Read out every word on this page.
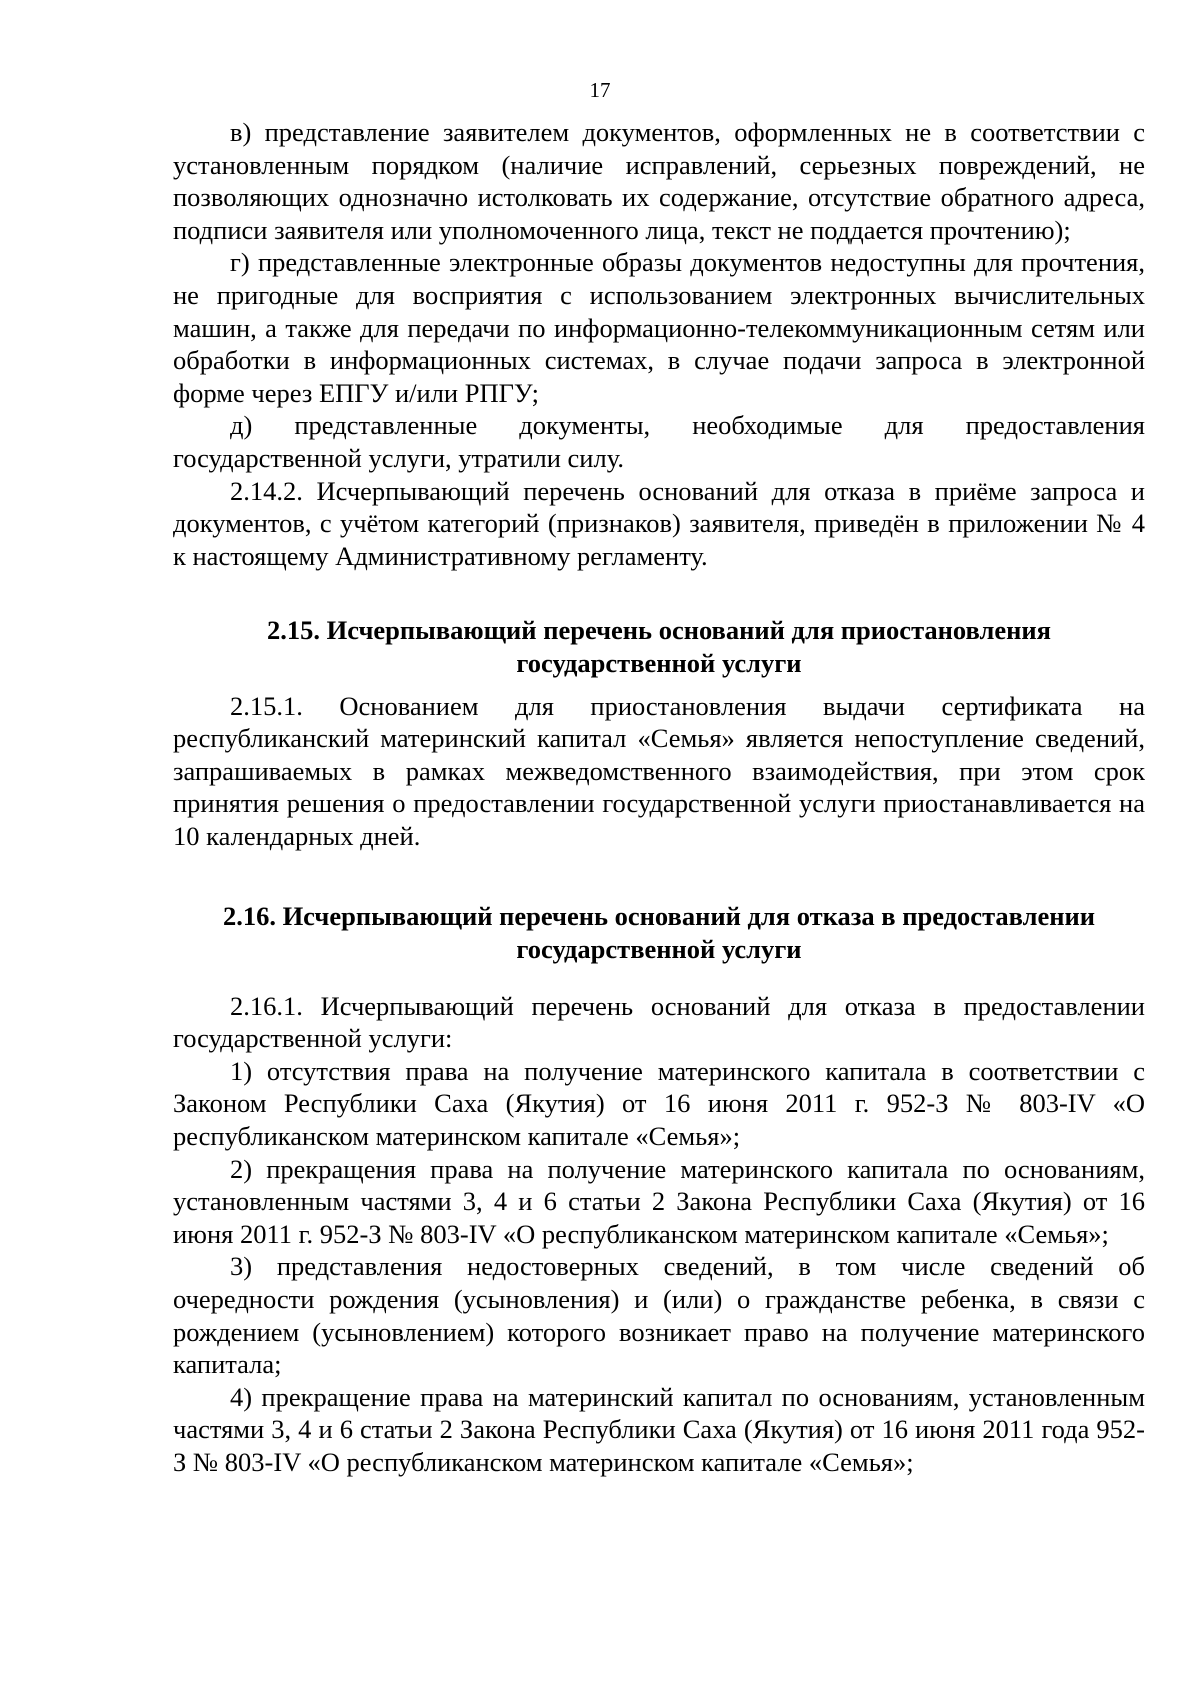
17

в) представление заявителем документов, оформленных не в соответствии с установленным порядком (наличие исправлений, серьезных повреждений, не позволяющих однозначно истолковать их содержание, отсутствие обратного адреса, подписи заявителя или уполномоченного лица, текст не поддается прочтению);

г) представленные электронные образы документов недоступны для прочтения, не пригодные для восприятия с использованием электронных вычислительных машин, а также для передачи по информационно-телекоммуникационным сетям или обработки в информационных системах, в случае подачи запроса в электронной форме через ЕПГУ и/или РПГУ;

д) представленные документы, необходимые для предоставления государственной услуги, утратили силу.

2.14.2. Исчерпывающий перечень оснований для отказа в приёме запроса и документов, с учётом категорий (признаков) заявителя, приведён в приложении № 4 к настоящему Административному регламенту.

2.15. Исчерпывающий перечень оснований для приостановления
государственной услуги

2.15.1. Основанием для приостановления выдачи сертификата на республиканский материнский капитал «Семья» является непоступление сведений, запрашиваемых в рамках межведомственного взаимодействия, при этом срок принятия решения о предоставлении государственной услуги приостанавливается на 10 календарных дней.

2.16. Исчерпывающий перечень оснований для отказа в предоставлении
государственной услуги

2.16.1. Исчерпывающий перечень оснований для отказа в предоставлении государственной услуги:

1) отсутствия права на получение материнского капитала в соответствии с Законом Республики Саха (Якутия) от 16 июня 2011 г. 952-З № 803-IV «О республиканском материнском капитале «Семья»;

2) прекращения права на получение материнского капитала по основаниям, установленным частями 3, 4 и 6 статьи 2 Закона Республики Саха (Якутия) от 16 июня 2011 г. 952-З № 803-IV «О республиканском материнском капитале «Семья»;

3) представления недостоверных сведений, в том числе сведений об очередности рождения (усыновления) и (или) о гражданстве ребенка, в связи с рождением (усыновлением) которого возникает право на получение материнского капитала;

4) прекращение права на материнский капитал по основаниям, установленным частями 3, 4 и 6 статьи 2 Закона Республики Саха (Якутия) от 16 июня 2011 года 952-З № 803-IV «О республиканском материнском капитале «Семья»;
